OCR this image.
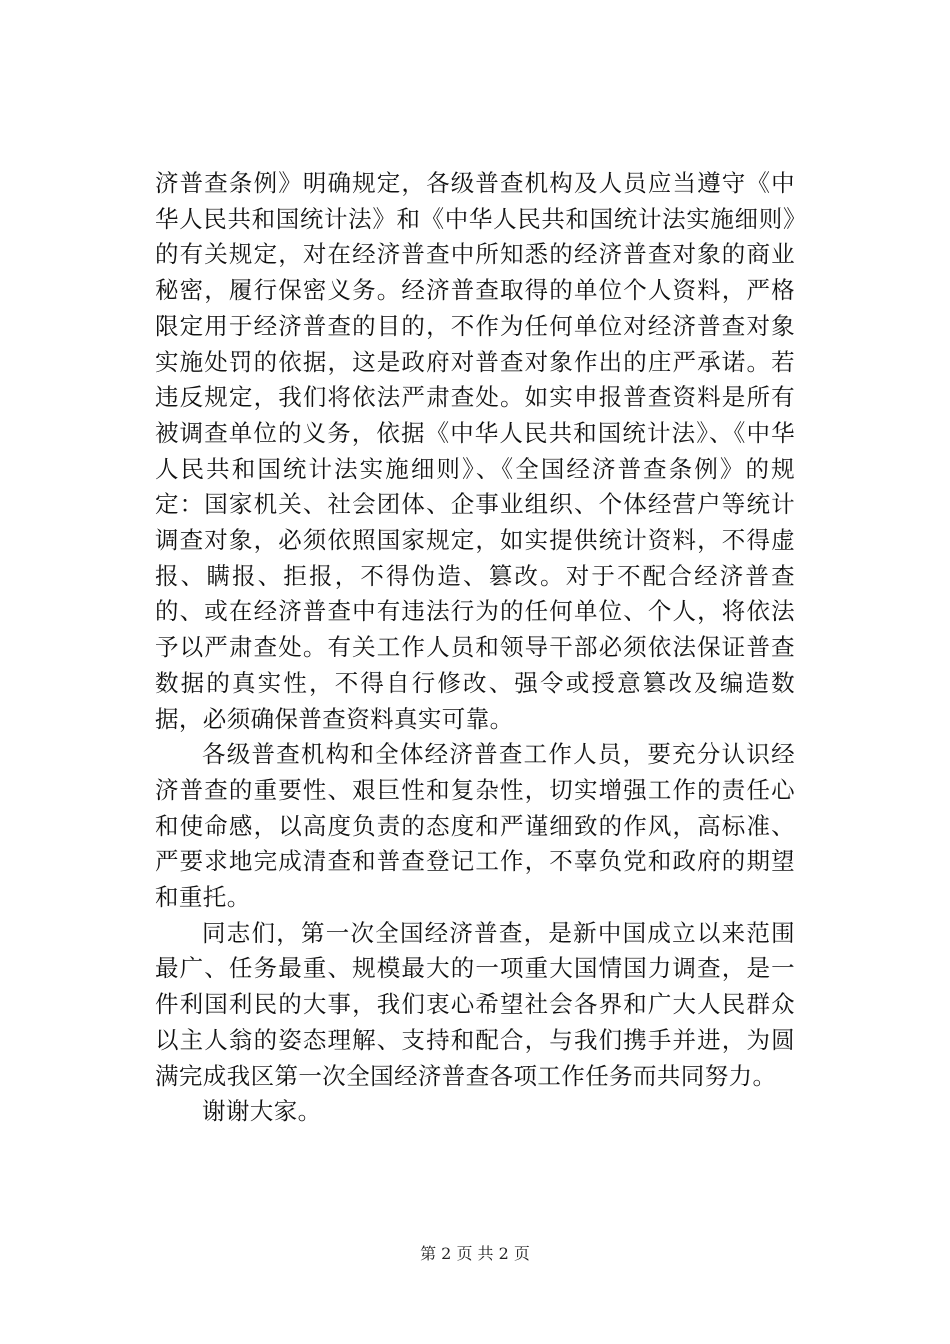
济普查条例》明确规定，各级普查机构及人员应当遵守《中华人民共和国统计法》和《中华人民共和国统计法实施细则》的有关规定，对在经济普查中所知悉的经济普查对象的商业秘密，履行保密义务。经济普查取得的单位个人资料，严格限定用于经济普查的目的，不作为任何单位对经济普查对象实施处罚的依据，这是政府对普查对象作出的庄严承诺。若违反规定，我们将依法严肃查处。如实申报普查资料是所有被调查单位的义务，依据《中华人民共和国统计法》、《中华人民共和国统计法实施细则》、《全国经济普查条例》的规定：国家机关、社会团体、企事业组织、个体经营户等统计调查对象，必须依照国家规定，如实提供统计资料，不得虚报、瞒报、拒报，不得伪造、篡改。对于不配合经济普查的、或在经济普查中有违法行为的任何单位、个人，将依法予以严肃查处。有关工作人员和领导干部必须依法保证普查数据的真实性，不得自行修改、强令或授意篡改及编造数据，必须确保普查资料真实可靠。

各级普查机构和全体经济普查工作人员，要充分认识经济普查的重要性、艰巨性和复杂性，切实增强工作的责任心和使命感，以高度负责的态度和严谨细致的作风，高标准、严要求地完成清查和普查登记工作，不辜负党和政府的期望和重托。

同志们，第一次全国经济普查，是新中国成立以来范围最广、任务最重、规模最大的一项重大国情国力调查，是一件利国利民的大事，我们衷心希望社会各界和广大人民群众以主人翁的姿态理解、支持和配合，与我们携手并进，为圆满完成我区第一次全国经济普查各项工作任务而共同努力。

谢谢大家。

第 2 页 共 2 页
